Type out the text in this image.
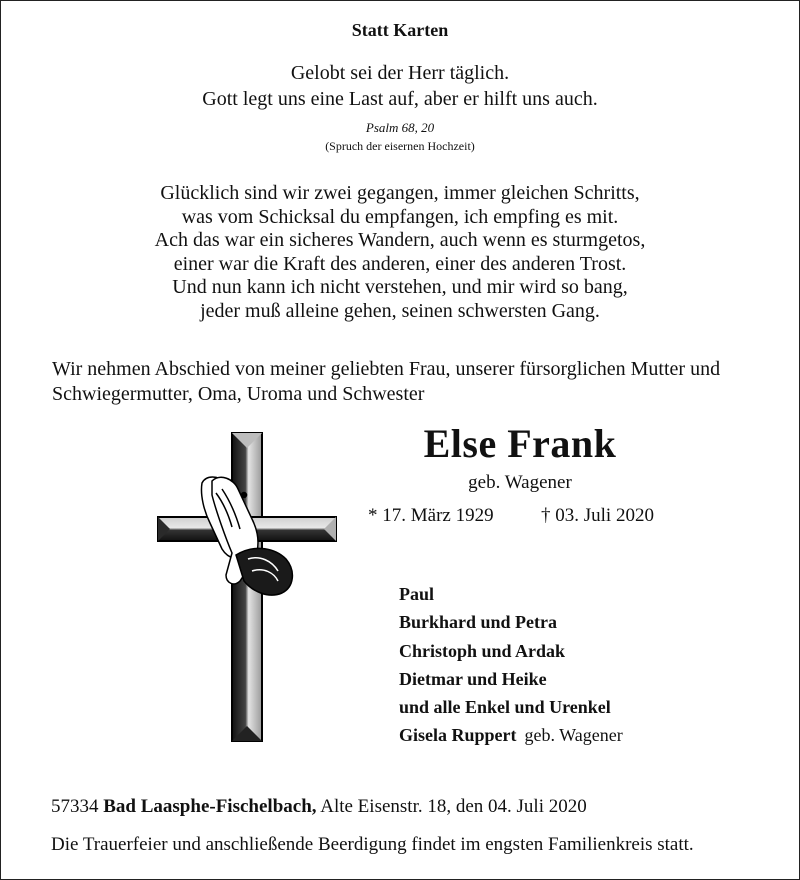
Statt Karten
Gelobt sei der Herr täglich.
Gott legt uns eine Last auf, aber er hilft uns auch.
Psalm 68, 20
(Spruch der eisernen Hochzeit)
Glücklich sind wir zwei gegangen, immer gleichen Schritts,
was vom Schicksal du empfangen, ich empfing es mit.
Ach das war ein sicheres Wandern, auch wenn es sturmgetos,
einer war die Kraft des anderen, einer des anderen Trost.
Und nun kann ich nicht verstehen, und mir wird so bang,
jeder muß alleine gehen, seinen schwersten Gang.
Wir nehmen Abschied von meiner geliebten Frau, unserer fürsorglichen Mutter und
Schwiegermutter, Oma, Uroma und Schwester
Else Frank
geb. Wagener
* 17. März 1929 † 03. Juli 2020
Paul
Burkhard und Petra
Christoph und Ardak
Dietmar und Heike
und alle Enkel und Urenkel
Gisela Ruppert geb. Wagener
57334 Bad Laasphe-Fischelbach, Alte Eisenstr. 18, den 04. Juli 2020
Die Trauerfeier und anschließende Beerdigung findet im engsten Familienkreis statt.
